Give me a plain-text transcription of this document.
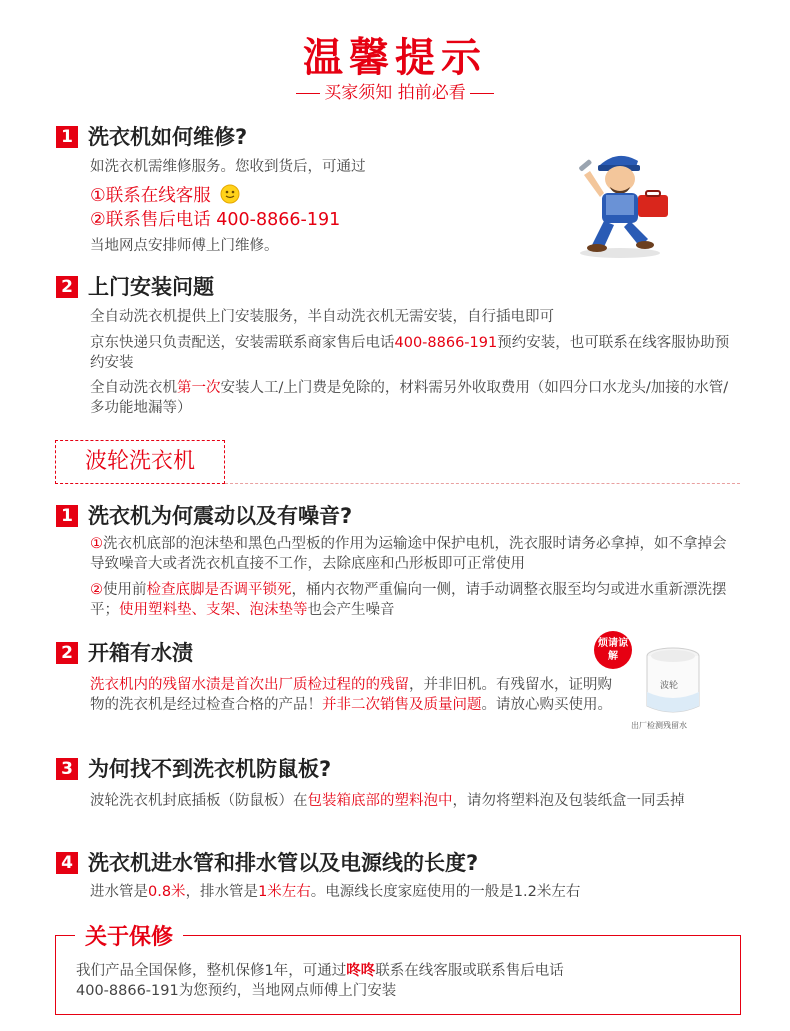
温馨提示
买家须知 拍前必看
1 洗衣机如何维修?
如洗衣机需维修服务。您收到货后，可通过
①联系在线客服
②联系售后电话 400-8866-191
当地网点安排师傅上门维修。
2 上门安装问题
全自动洗衣机提供上门安装服务，半自动洗衣机无需安装，自行插电即可
京东快递只负责配送，安装需联系商家售后电话400-8866-191预约安装，也可联系在线客服协助预约安装
全自动洗衣机第一次安装人工/上门费是免除的，材料需另外收取费用（如四分口水龙头/加接的水管/多功能地漏等）
波轮洗衣机
1 洗衣机为何震动以及有噪音?
①洗衣机底部的泡沫垫和黑色凸型板的作用为运输途中保护电机，洗衣服时请务必拿掉，如不拿掉会导致噪音大或者洗衣机直接不工作，去除底座和凸形板即可正常使用
②使用前检查底脚是否调平锁死，桶内衣物严重偏向一侧，请手动调整衣服至均匀或进水重新漂洗摆平；使用塑料垫、支架、泡沫垫等也会产生噪音
2 开箱有水渍
洗衣机内的残留水渍是首次出厂质检过程的的残留，并非旧机。有残留水，证明购物的洗衣机是经过检查合格的产品！并非二次销售及质量问题。请放心购买使用。
烦请谅解
波轮
出厂检测残留水
3 为何找不到洗衣机防鼠板?
波轮洗衣机封底插板（防鼠板）在包装箱底部的塑料泡中，请勿将塑料泡及包装纸盒一同丢掉
4 洗衣机进水管和排水管以及电源线的长度?
进水管是0.8米，排水管是1米左右。电源线长度家庭使用的一般是1.2米左右
关于保修
我们产品全国保修，整机保修1年，可通过咚咚联系在线客服或联系售后电话
400-8866-191为您预约，当地网点师傅上门安装
